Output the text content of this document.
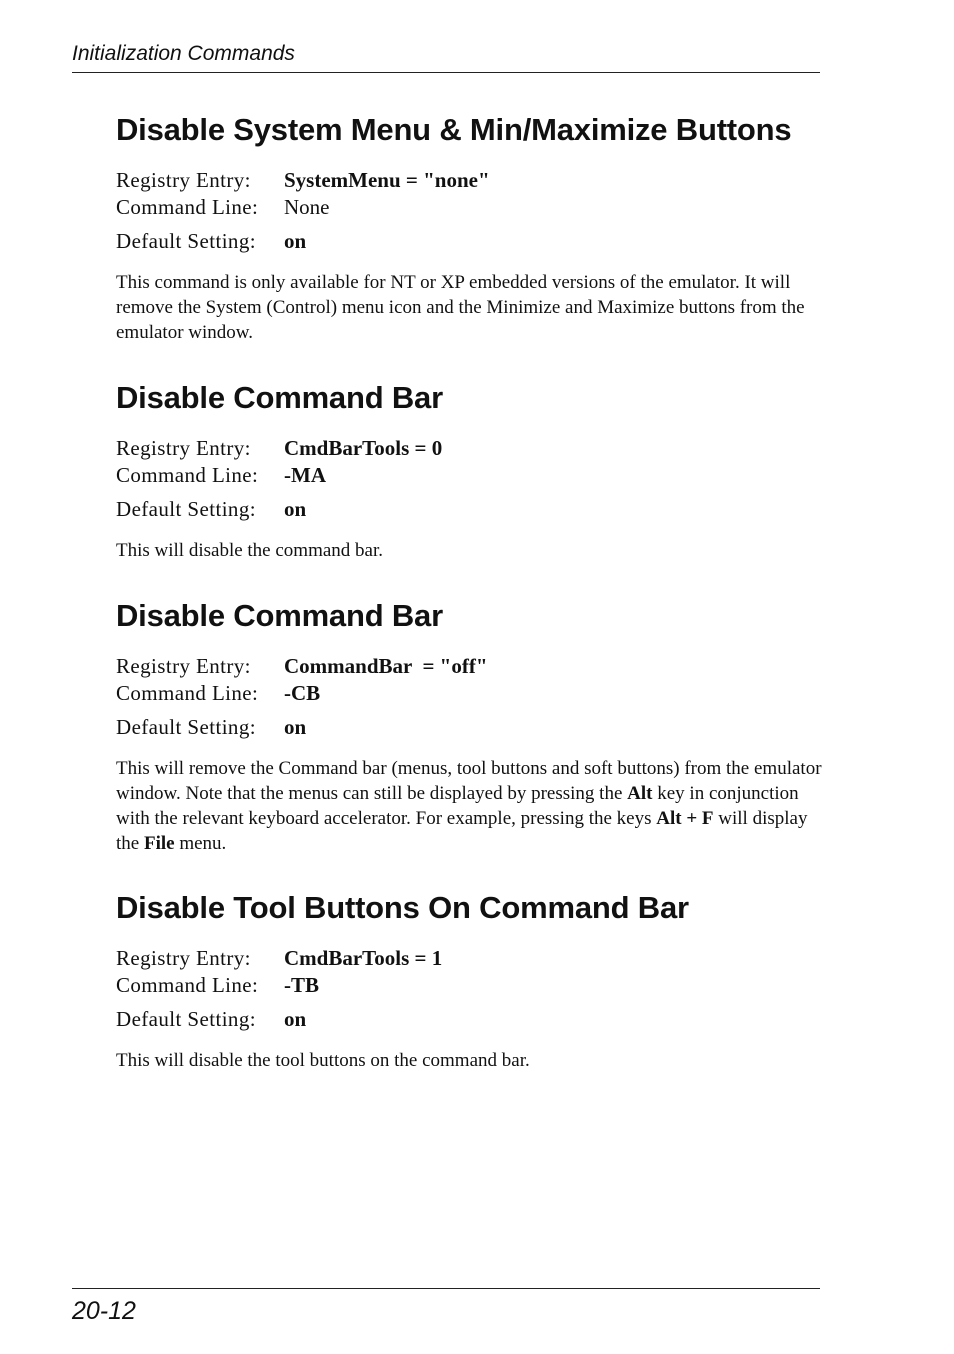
Initialization Commands
Disable System Menu & Min/Maximize Buttons
Registry Entry:	SystemMenu = "none"
Command Line:	None
Default Setting:	on

This command is only available for NT or XP embedded versions of the emulator. It will remove the System (Control) menu icon and the Minimize and Maximize buttons from the emulator window.

Disable Command Bar
Registry Entry:	CmdBarTools = 0
Command Line:	-MA
Default Setting:	on

This will disable the command bar.

Disable Command Bar
Registry Entry:	CommandBar  = "off"
Command Line:	-CB
Default Setting:	on

This will remove the Command bar (menus, tool buttons and soft buttons) from the emulator window. Note that the menus can still be displayed by pressing the Alt key in conjunction with the relevant keyboard accelerator. For example, pressing the keys Alt + F will display the File menu.

Disable Tool Buttons On Command Bar
Registry Entry:	CmdBarTools = 1
Command Line:	-TB
Default Setting:	on

This will disable the tool buttons on the command bar.

20-12
